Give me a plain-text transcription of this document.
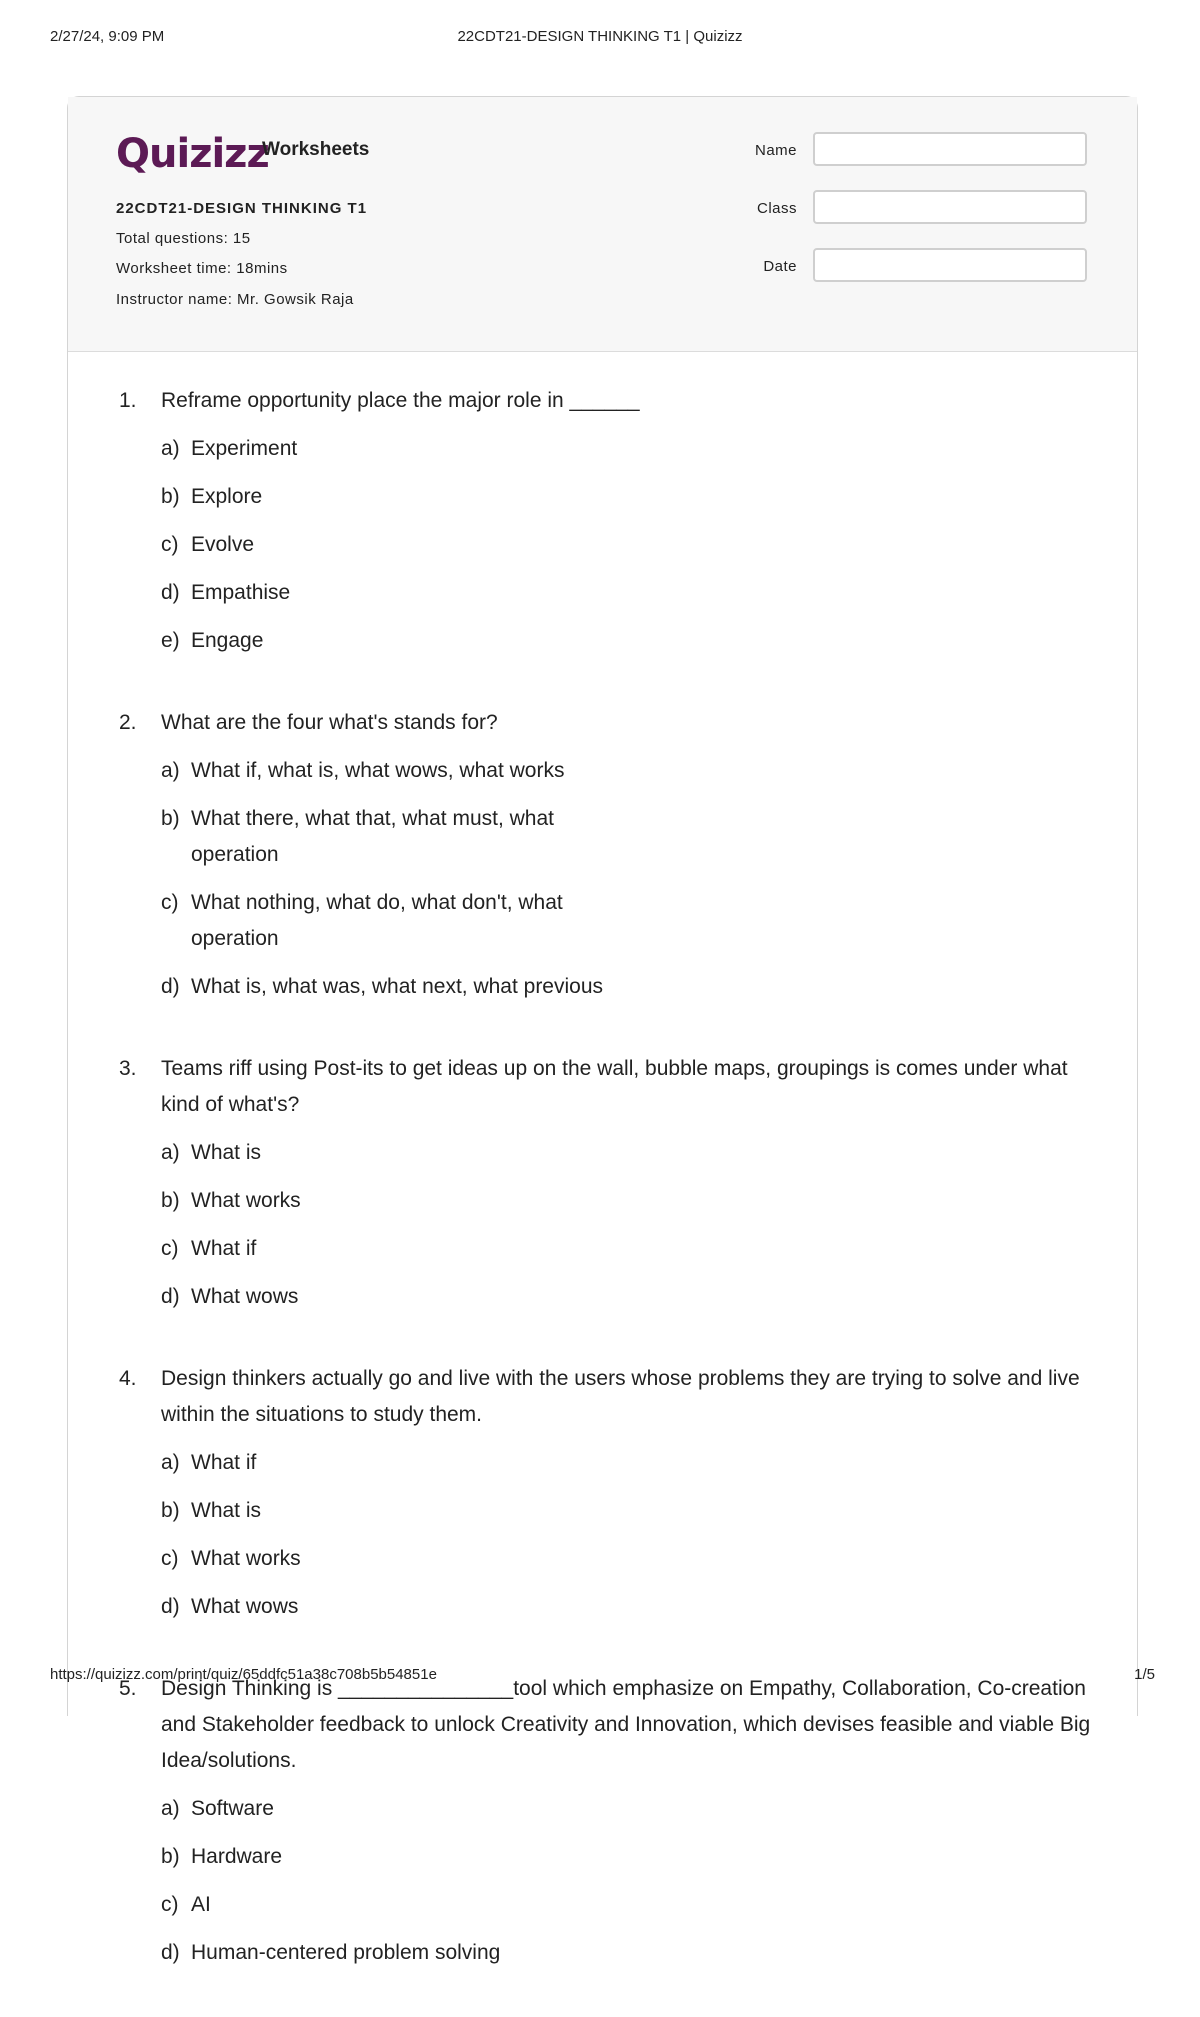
2/27/24, 9:09 PM	22CDT21-DESIGN THINKING T1 | Quizizz
Quizizz
Worksheets
22CDT21-DESIGN THINKING T1
Total questions: 15
Worksheet time: 18mins
Instructor name: Mr. Gowsik Raja
Name
Class
Date
1. Reframe opportunity place the major role in ______
a) Experiment
b) Explore
c) Evolve
d) Empathise
e) Engage
2. What are the four what's stands for?
a) What if, what is, what wows, what works
b) What there, what that, what must, what operation
c) What nothing, what do, what don't, what operation
d) What is, what was, what next, what previous
3. Teams riff using Post-its to get ideas up on the wall, bubble maps, groupings is comes under what kind of what's?
a) What is
b) What works
c) What if
d) What wows
4. Design thinkers actually go and live with the users whose problems they are trying to solve and live within the situations to study them.
a) What if
b) What is
c) What works
d) What wows
5. Design Thinking is _______________tool which emphasize on Empathy, Collaboration, Co-creation and Stakeholder feedback to unlock Creativity and Innovation, which devises feasible and viable Big Idea/solutions.
a) Software
b) Hardware
c) AI
d) Human-centered problem solving
https://quizizz.com/print/quiz/65ddfc51a38c708b5b54851e	1/5
